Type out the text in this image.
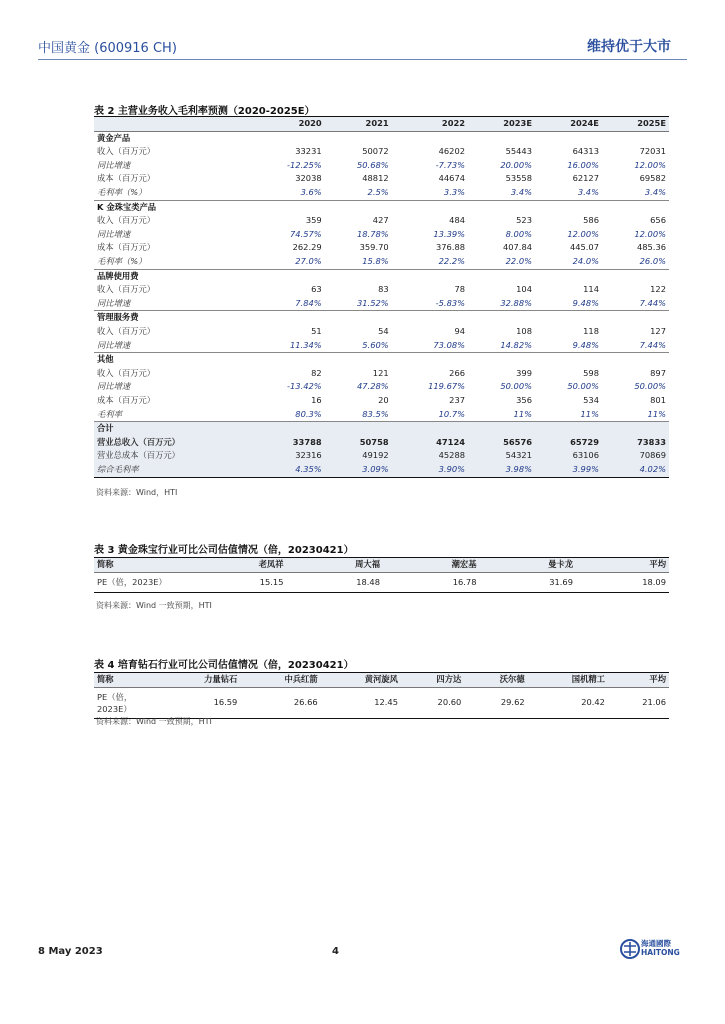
中国黄金 (600916 CH)	维持优于大市
表 2 主营业务收入毛利率预测（2020-2025E）
	2020	2021	2022	2023E	2024E	2025E
黄金产品						
收入（百万元）	33231	50072	46202	55443	64313	72031
同比增速	-12.25%	50.68%	-7.73%	20.00%	16.00%	12.00%
成本（百万元）	32038	48812	44674	53558	62127	69582
毛利率（%）	3.6%	2.5%	3.3%	3.4%	3.4%	3.4%
K 金珠宝类产品						
收入（百万元）	359	427	484	523	586	656
同比增速	74.57%	18.78%	13.39%	8.00%	12.00%	12.00%
成本（百万元）	262.29	359.70	376.88	407.84	445.07	485.36
毛利率（%）	27.0%	15.8%	22.2%	22.0%	24.0%	26.0%
品牌使用费						
收入（百万元）	63	83	78	104	114	122
同比增速	7.84%	31.52%	-5.83%	32.88%	9.48%	7.44%
管理服务费						
收入（百万元）	51	54	94	108	118	127
同比增速	11.34%	5.60%	73.08%	14.82%	9.48%	7.44%
其他						
收入（百万元）	82	121	266	399	598	897
同比增速	-13.42%	47.28%	119.67%	50.00%	50.00%	50.00%
成本（百万元）	16	20	237	356	534	801
毛利率	80.3%	83.5%	10.7%	11%	11%	11%
合计						
营业总收入（百万元）	33788	50758	47124	56576	65729	73833
营业总成本（百万元）	32316	49192	45288	54321	63106	70869
综合毛利率	4.35%	3.09%	3.90%	3.98%	3.99%	4.02%
资料来源：Wind，HTI
表 3 黄金珠宝行业可比公司估值情况（倍，20230421）
简称	老凤祥	周大福	潮宏基	曼卡龙	平均
PE（倍，2023E）	15.15	18.48	16.78	31.69	18.09
资料来源：Wind 一致预期，HTI
表 4 培育钻石行业可比公司估值情况（倍，20230421）
简称	力量钻石	中兵红箭	黄河旋风	四方达	沃尔德	国机精工	平均
PE（倍，2023E）	16.59	26.66	12.45	20.60	29.62	20.42	21.06
资料来源：Wind 一致预期，HTI
8 May 2023	4
海通國際
HAITONG
